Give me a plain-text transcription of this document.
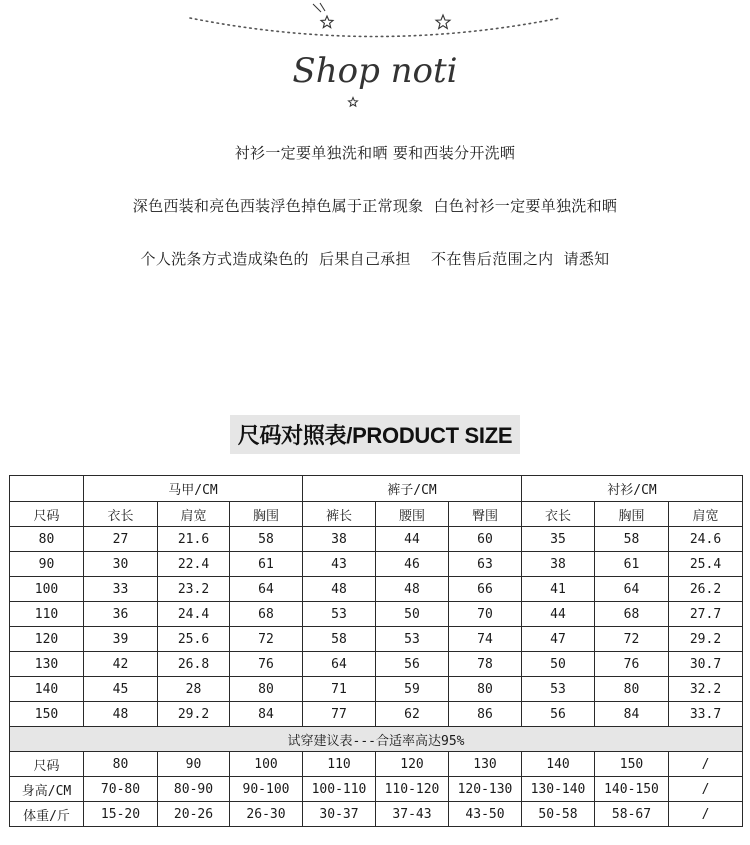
Shop noti
衬衫一定要单独洗和晒 要和西装分开洗晒
深色西装和亮色西装浮色掉色属于正常现象  白色衬衫一定要单独洗和晒
个人洗条方式造成染色的  后果自己承担    不在售后范围之内  请悉知
尺码对照表/PRODUCT SIZE
	马甲/CM			裤子/CM			衬衫/CM		
尺码	衣长	肩宽	胸围	裤长	腰围	臀围	衣长	胸围	肩宽
80	27	21.6	58	38	44	60	35	58	24.6
90	30	22.4	61	43	46	63	38	61	25.4
100	33	23.2	64	48	48	66	41	64	26.2
110	36	24.4	68	53	50	70	44	68	27.7
120	39	25.6	72	58	53	74	47	72	29.2
130	42	26.8	76	64	56	78	50	76	30.7
140	45	28	80	71	59	80	53	80	32.2
150	48	29.2	84	77	62	86	56	84	33.7
试穿建议表---合适率高达95%									
尺码	80	90	100	110	120	130	140	150	/
身高/CM	70-80	80-90	90-100	100-110	110-120	120-130	130-140	140-150	/
体重/斤	15-20	20-26	26-30	30-37	37-43	43-50	50-58	58-67	/
